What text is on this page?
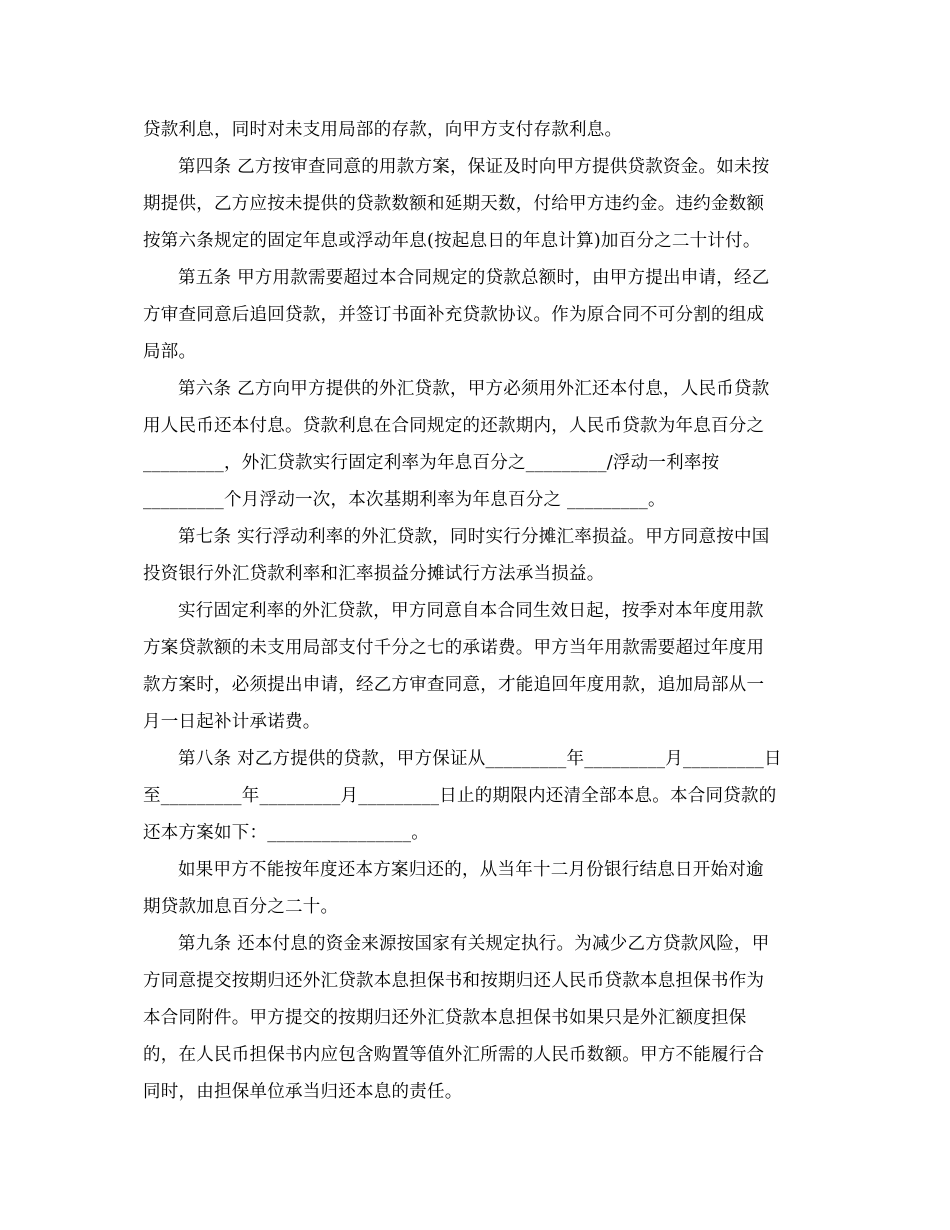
贷款利息，同时对未支用局部的存款，向甲方支付存款利息。

第四条 乙方按审查同意的用款方案，保证及时向甲方提供贷款资金。如未按

期提供，乙方应按未提供的贷款数额和延期天数，付给甲方违约金。违约金数额

按第六条规定的固定年息或浮动年息(按起息日的年息计算)加百分之二十计付。

第五条 甲方用款需要超过本合同规定的贷款总额时，由甲方提出申请，经乙

方审查同意后追回贷款，并签订书面补充贷款协议。作为原合同不可分割的组成

局部。

第六条 乙方向甲方提供的外汇贷款，甲方必须用外汇还本付息，人民币贷款

用人民币还本付息。贷款利息在合同规定的还款期内，人民币贷款为年息百分之

_________，外汇贷款实行固定利率为年息百分之_________/浮动一利率按

_________个月浮动一次，本次基期利率为年息百分之 _________。

第七条 实行浮动利率的外汇贷款，同时实行分摊汇率损益。甲方同意按中国

投资银行外汇贷款利率和汇率损益分摊试行方法承当损益。

实行固定利率的外汇贷款，甲方同意自本合同生效日起，按季对本年度用款

方案贷款额的未支用局部支付千分之七的承诺费。甲方当年用款需要超过年度用

款方案时，必须提出申请，经乙方审查同意，才能追回年度用款，追加局部从一

月一日起补计承诺费。

第八条 对乙方提供的贷款，甲方保证从_________年_________月_________日

至_________年_________月_________日止的期限内还清全部本息。本合同贷款的

还本方案如下：________________。

如果甲方不能按年度还本方案归还的，从当年十二月份银行结息日开始对逾

期贷款加息百分之二十。

第九条 还本付息的资金来源按国家有关规定执行。为减少乙方贷款风险，甲

方同意提交按期归还外汇贷款本息担保书和按期归还人民币贷款本息担保书作为

本合同附件。甲方提交的按期归还外汇贷款本息担保书如果只是外汇额度担保

的，在人民币担保书内应包含购置等值外汇所需的人民币数额。甲方不能履行合

同时，由担保单位承当归还本息的责任。
